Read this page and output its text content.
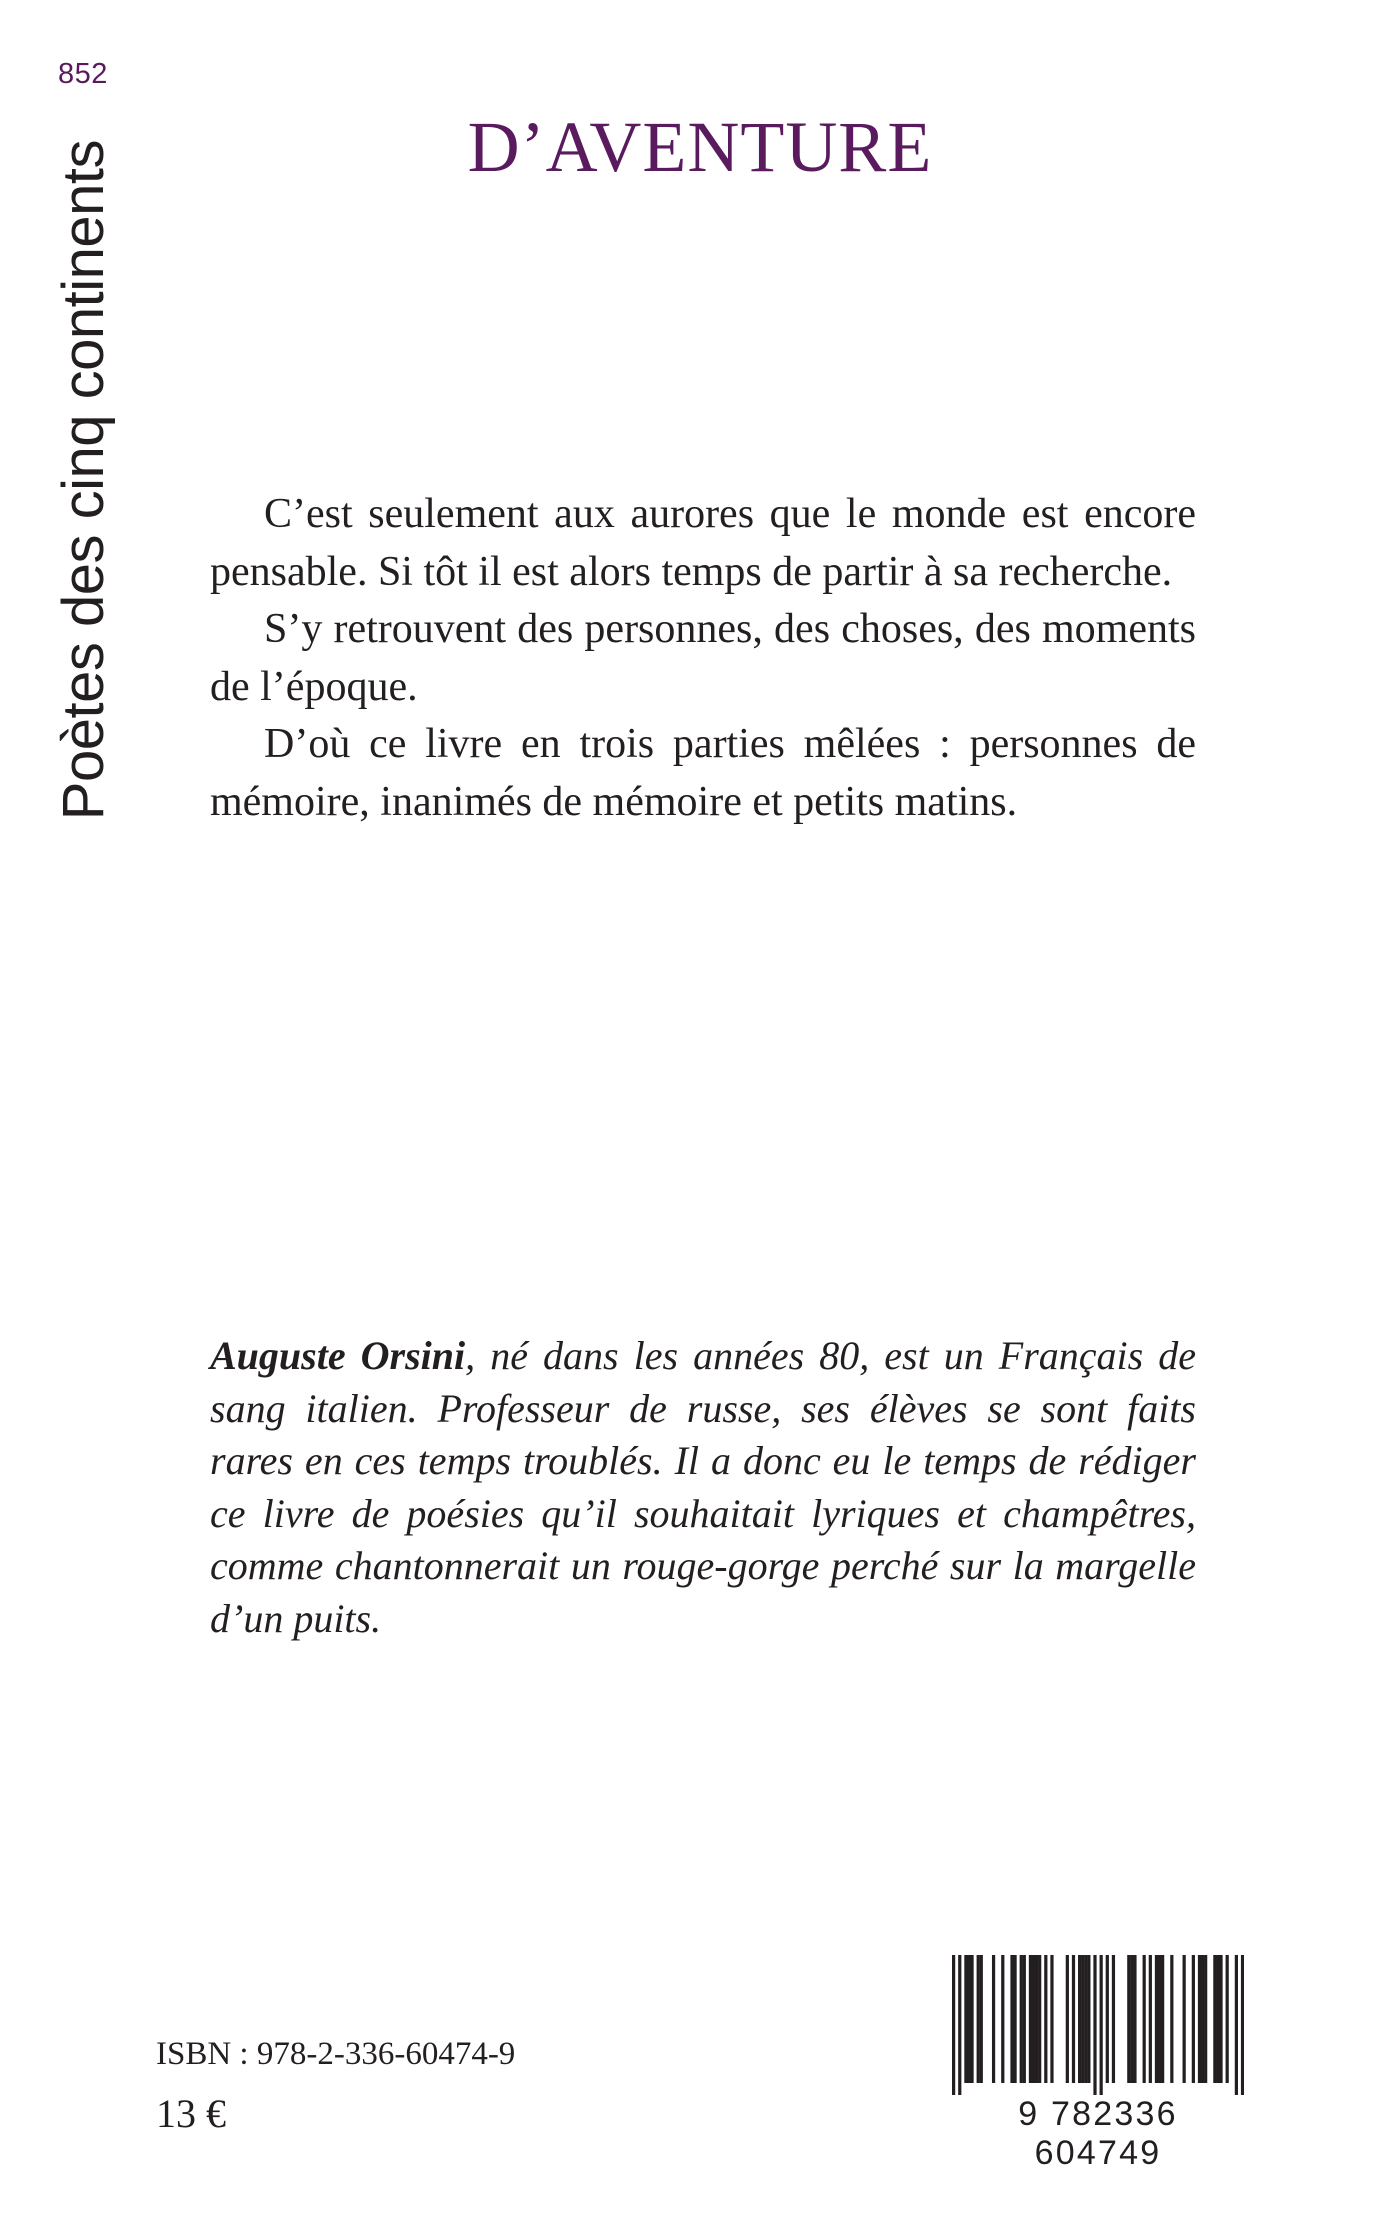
852
Poètes des cinq continents	D’AVENTURE

C’est seulement aux aurores que le monde est encore pensable. Si tôt il est alors temps de partir à sa recherche.

S’y retrouvent des personnes, des choses, des moments de l’époque.

D’où ce livre en trois parties mêlées : personnes de mémoire, inanimés de mémoire et petits matins.

Auguste Orsini, né dans les années 80, est un Français de sang italien. Professeur de russe, ses élèves se sont faits rares en ces temps troublés. Il a donc eu le temps de rédiger ce livre de poésies qu’il souhaitait lyriques et champêtres, comme chantonnerait un rouge-gorge perché sur la margelle d’un puits.
ISBN : 978-2-336-60474-9
13 €	9 782336 604749
